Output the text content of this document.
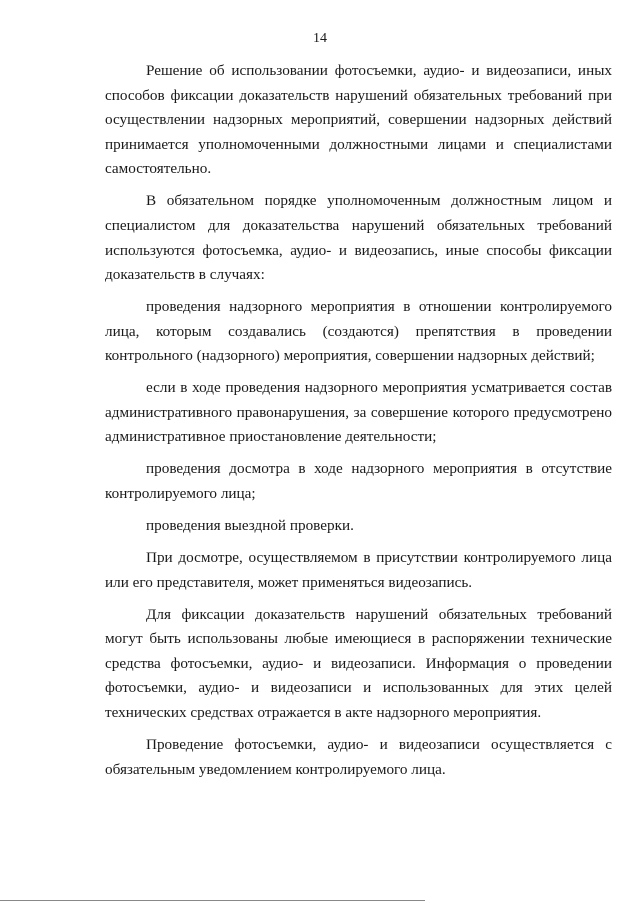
14

Решение об использовании фотосъемки, аудио- и видеозаписи, иных способов фиксации доказательств нарушений обязательных требований при осуществлении надзорных мероприятий, совершении надзорных действий принимается уполномоченными должностными лицами и специалистами самостоятельно.

В обязательном порядке уполномоченным должностным лицом и специалистом для доказательства нарушений обязательных требований используются фотосъемка, аудио- и видеозапись, иные способы фиксации доказательств в случаях:

проведения надзорного мероприятия в отношении контролируемого лица, которым создавались (создаются) препятствия в проведении контрольного (надзорного) мероприятия, совершении надзорных действий;

если в ходе проведения надзорного мероприятия усматривается состав административного правонарушения, за совершение которого предусмотрено административное приостановление деятельности;

проведения досмотра в ходе надзорного мероприятия в отсутствие контролируемого лица;

проведения выездной проверки.

При досмотре, осуществляемом в присутствии контролируемого лица или его представителя, может применяться видеозапись.

Для фиксации доказательств нарушений обязательных требований могут быть использованы любые имеющиеся в распоряжении технические средства фотосъемки, аудио- и видеозаписи. Информация о проведении фотосъемки, аудио- и видеозаписи и использованных для этих целей технических средствах отражается в акте надзорного мероприятия.

Проведение фотосъемки, аудио- и видеозаписи осуществляется с обязательным уведомлением контролируемого лица.
